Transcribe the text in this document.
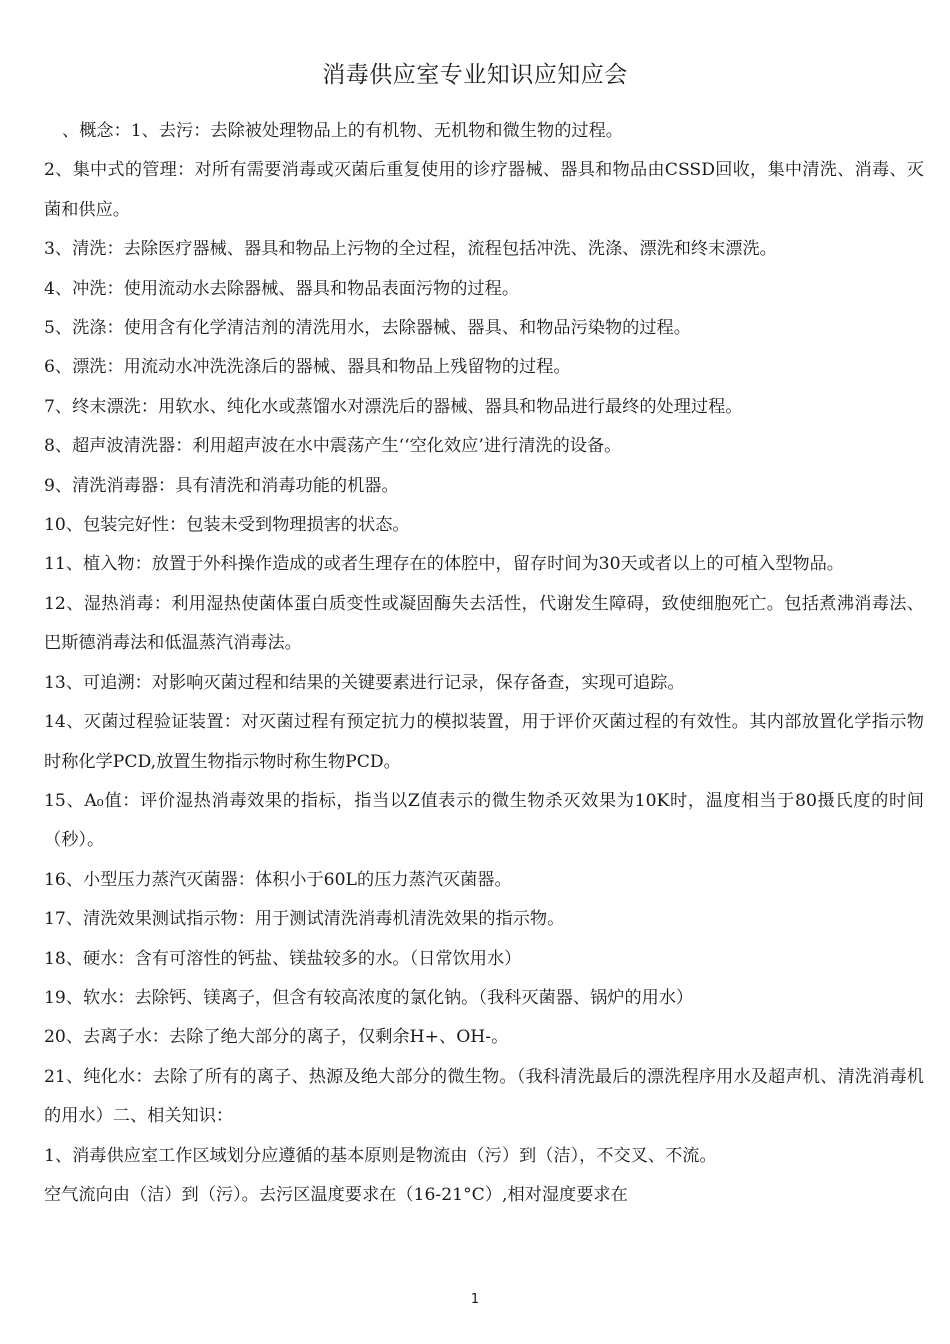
消毒供应室专业知识应知应会

、概念：1、去污：去除被处理物品上的有机物、无机物和微生物的过程。

2、集中式的管理：对所有需要消毒或灭菌后重复使用的诊疗器械、器具和物品由CSSD回收，集中清洗、消毒、灭菌和供应。

3、清洗：去除医疗器械、器具和物品上污物的全过程，流程包括冲洗、洗涤、漂洗和终末漂洗。

4、冲洗：使用流动水去除器械、器具和物品表面污物的过程。

5、洗涤：使用含有化学清洁剂的清洗用水，去除器械、器具、和物品污染物的过程。

6、漂洗：用流动水冲洗洗涤后的器械、器具和物品上残留物的过程。

7、终末漂洗：用软水、纯化水或蒸馏水对漂洗后的器械、器具和物品进行最终的处理过程。

8、超声波清洗器：利用超声波在水中震荡产生‘‘空化效应’进行清洗的设备。

9、清洗消毒器：具有清洗和消毒功能的机器。

10、包装完好性：包装未受到物理损害的状态。

11、植入物：放置于外科操作造成的或者生理存在的体腔中，留存时间为30天或者以上的可植入型物品。

12、湿热消毒：利用湿热使菌体蛋白质变性或凝固酶失去活性，代谢发生障碍，致使细胞死亡。包括煮沸消毒法、巴斯德消毒法和低温蒸汽消毒法。

13、可追溯：对影响灭菌过程和结果的关键要素进行记录，保存备查，实现可追踪。

14、灭菌过程验证装置：对灭菌过程有预定抗力的模拟装置，用于评价灭菌过程的有效性。其内部放置化学指示物时称化学PCD,放置生物指示物时称生物PCD。

15、A₀值：评价湿热消毒效果的指标，指当以Z值表示的微生物杀灭效果为10K时，温度相当于80摄氏度的时间（秒）。

16、小型压力蒸汽灭菌器：体积小于60L的压力蒸汽灭菌器。

17、清洗效果测试指示物：用于测试清洗消毒机清洗效果的指示物。

18、硬水：含有可溶性的钙盐、镁盐较多的水。（日常饮用水）

19、软水：去除钙、镁离子，但含有较高浓度的氯化钠。（我科灭菌器、锅炉的用水）

20、去离子水：去除了绝大部分的离子，仅剩余H+、OH-。

21、纯化水：去除了所有的离子、热源及绝大部分的微生物。（我科清洗最后的漂洗程序用水及超声机、清洗消毒机的用水）二、相关知识：

1、消毒供应室工作区域划分应遵循的基本原则是物流由（污）到（洁），不交叉、不流。

空气流向由（洁）到（污）。去污区温度要求在（16-21°C）,相对湿度要求在

1
